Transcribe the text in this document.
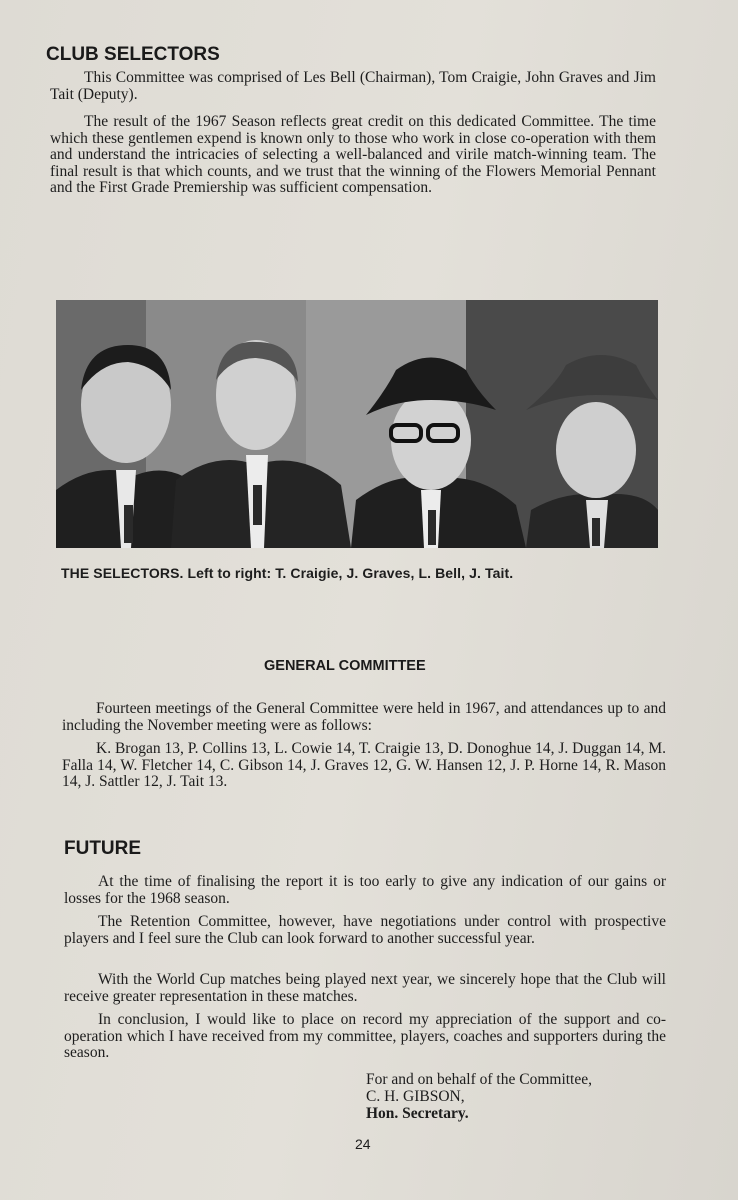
CLUB SELECTORS

This Committee was comprised of Les Bell (Chairman), Tom Craigie, John Graves and Jim Tait (Deputy).

The result of the 1967 Season reflects great credit on this dedicated Committee. The time which these gentlemen expend is known only to those who work in close co-operation with them and understand the intricacies of selecting a well-balanced and virile match-winning team. The final result is that which counts, and we trust that the winning of the Flowers Memorial Pennant and the First Grade Premiership was sufficient compensation.

THE SELECTORS. Left to right: T. Craigie, J. Graves, L. Bell, J. Tait.

GENERAL COMMITTEE

Fourteen meetings of the General Committee were held in 1967, and attendances up to and including the November meeting were as follows:

K. Brogan 13, P. Collins 13, L. Cowie 14, T. Craigie 13, D. Donoghue 14, J. Duggan 14, M. Falla 14, W. Fletcher 14, C. Gibson 14, J. Graves 12, G. W. Hansen 12, J. P. Horne 14, R. Mason 14, J. Sattler 12, J. Tait 13.

FUTURE

At the time of finalising the report it is too early to give any indication of our gains or losses for the 1968 season.

The Retention Committee, however, have negotiations under control with prospective players and I feel sure the Club can look forward to another successful year.

With the World Cup matches being played next year, we sincerely hope that the Club will receive greater representation in these matches.

In conclusion, I would like to place on record my appreciation of the support and co-operation which I have received from my committee, players, coaches and supporters during the season.

For and on behalf of the Committee,
C. H. GIBSON,
Hon. Secretary.

24
